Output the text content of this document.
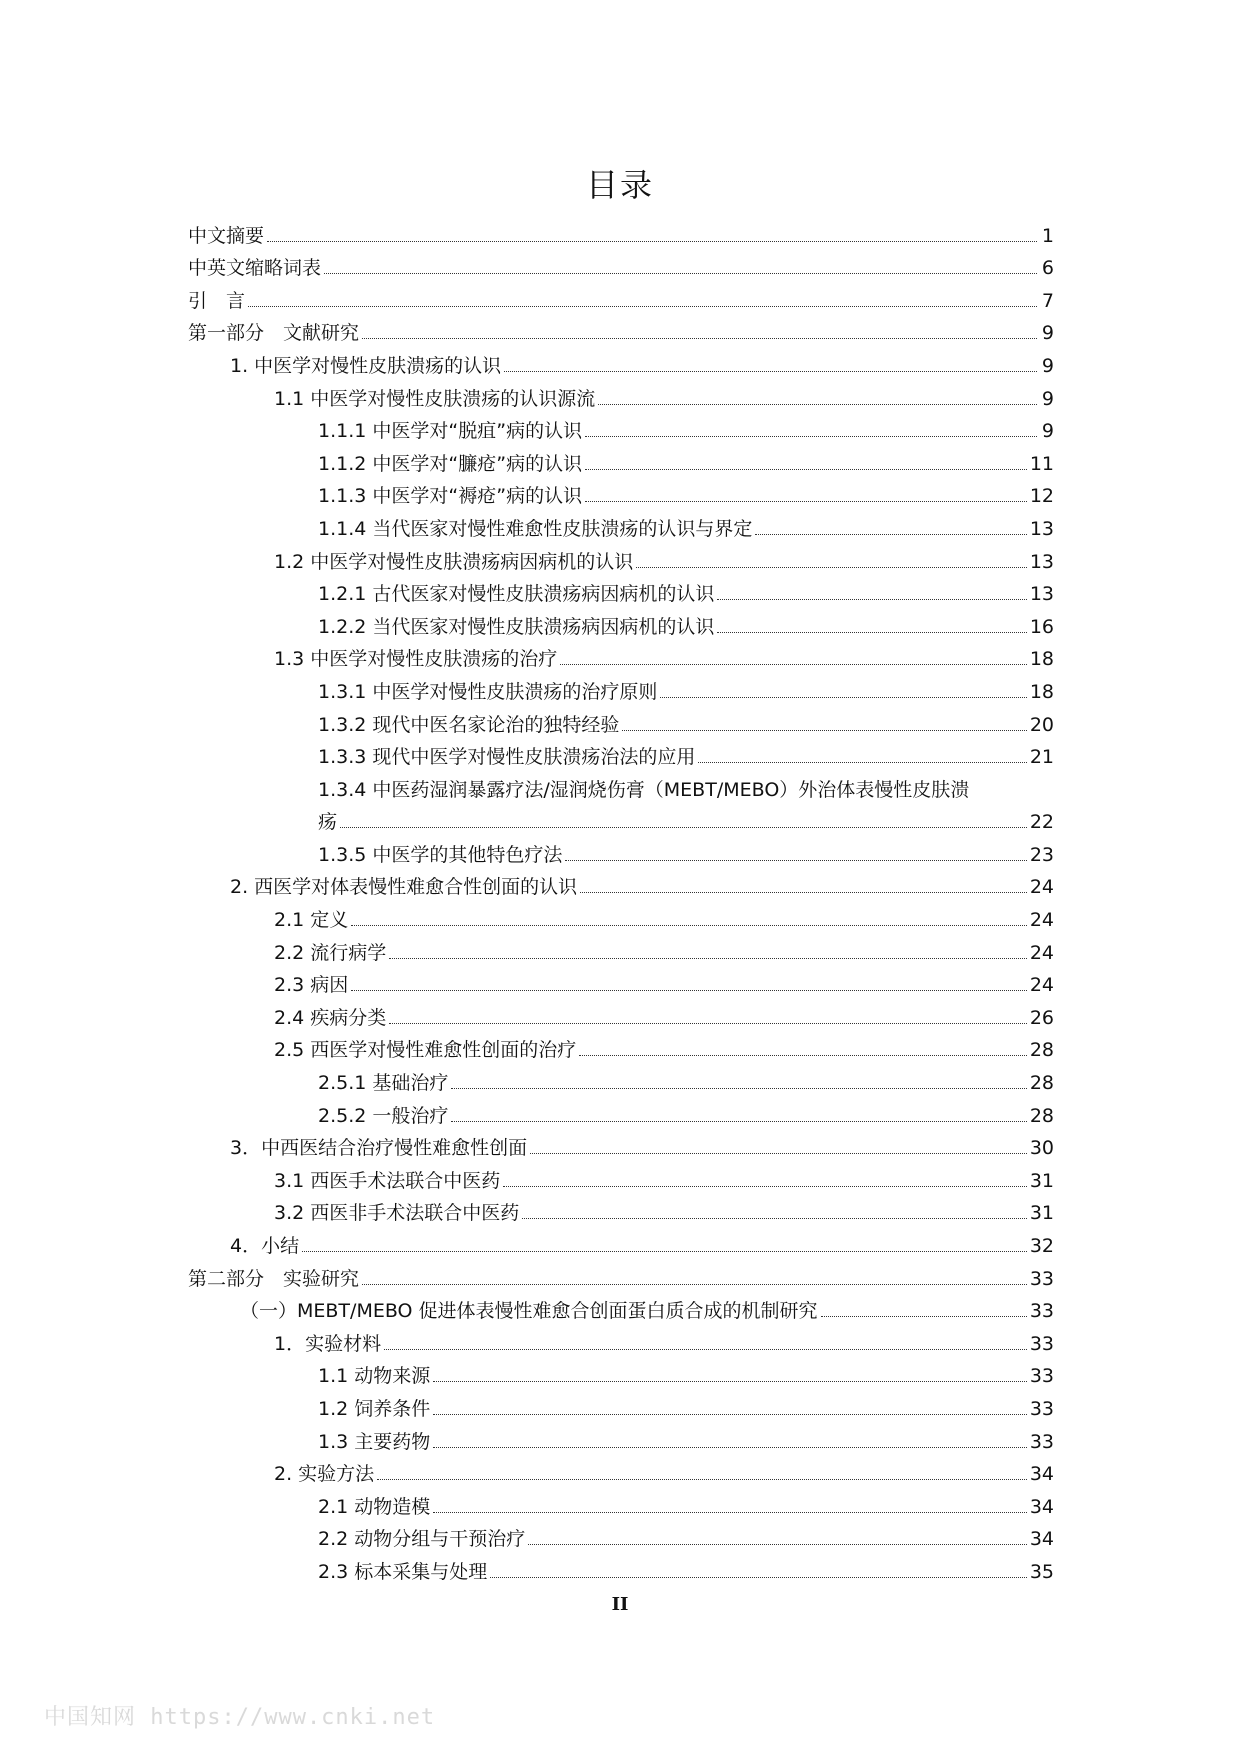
目录
中文摘要	1
中英文缩略词表	6
引　言	7
第一部分　文献研究	9
1. 中医学对慢性皮肤溃疡的认识	9
1.1 中医学对慢性皮肤溃疡的认识源流	9
1.1.1 中医学对“脱疽”病的认识	9
1.1.2 中医学对“臁疮”病的认识	11
1.1.3 中医学对“褥疮”病的认识	12
1.1.4 当代医家对慢性难愈性皮肤溃疡的认识与界定	13
1.2 中医学对慢性皮肤溃疡病因病机的认识	13
1.2.1 古代医家对慢性皮肤溃疡病因病机的认识	13
1.2.2 当代医家对慢性皮肤溃疡病因病机的认识	16
1.3 中医学对慢性皮肤溃疡的治疗	18
1.3.1 中医学对慢性皮肤溃疡的治疗原则	18
1.3.2 现代中医名家论治的独特经验	20
1.3.3 现代中医学对慢性皮肤溃疡治法的应用	21
1.3.4 中医药湿润暴露疗法/湿润烧伤膏（MEBT/MEBO）外治体表慢性皮肤溃
疡	22
1.3.5 中医学的其他特色疗法	23
2. 西医学对体表慢性难愈合性创面的认识	24
2.1 定义	24
2.2 流行病学	24
2.3 病因	24
2.4 疾病分类	26
2.5 西医学对慢性难愈性创面的治疗	28
2.5.1 基础治疗	28
2.5.2 一般治疗	28
3．中西医结合治疗慢性难愈性创面	30
3.1 西医手术法联合中医药	31
3.2 西医非手术法联合中医药	31
4．小结	32
第二部分　实验研究	33
（一）MEBT/MEBO 促进体表慢性难愈合创面蛋白质合成的机制研究	33
1．实验材料	33
1.1 动物来源	33
1.2 饲养条件	33
1.3 主要药物	33
2. 实验方法	34
2.1 动物造模	34
2.2 动物分组与干预治疗	34
2.3 标本采集与处理	35
II
中国知网 https://www.cnki.net
